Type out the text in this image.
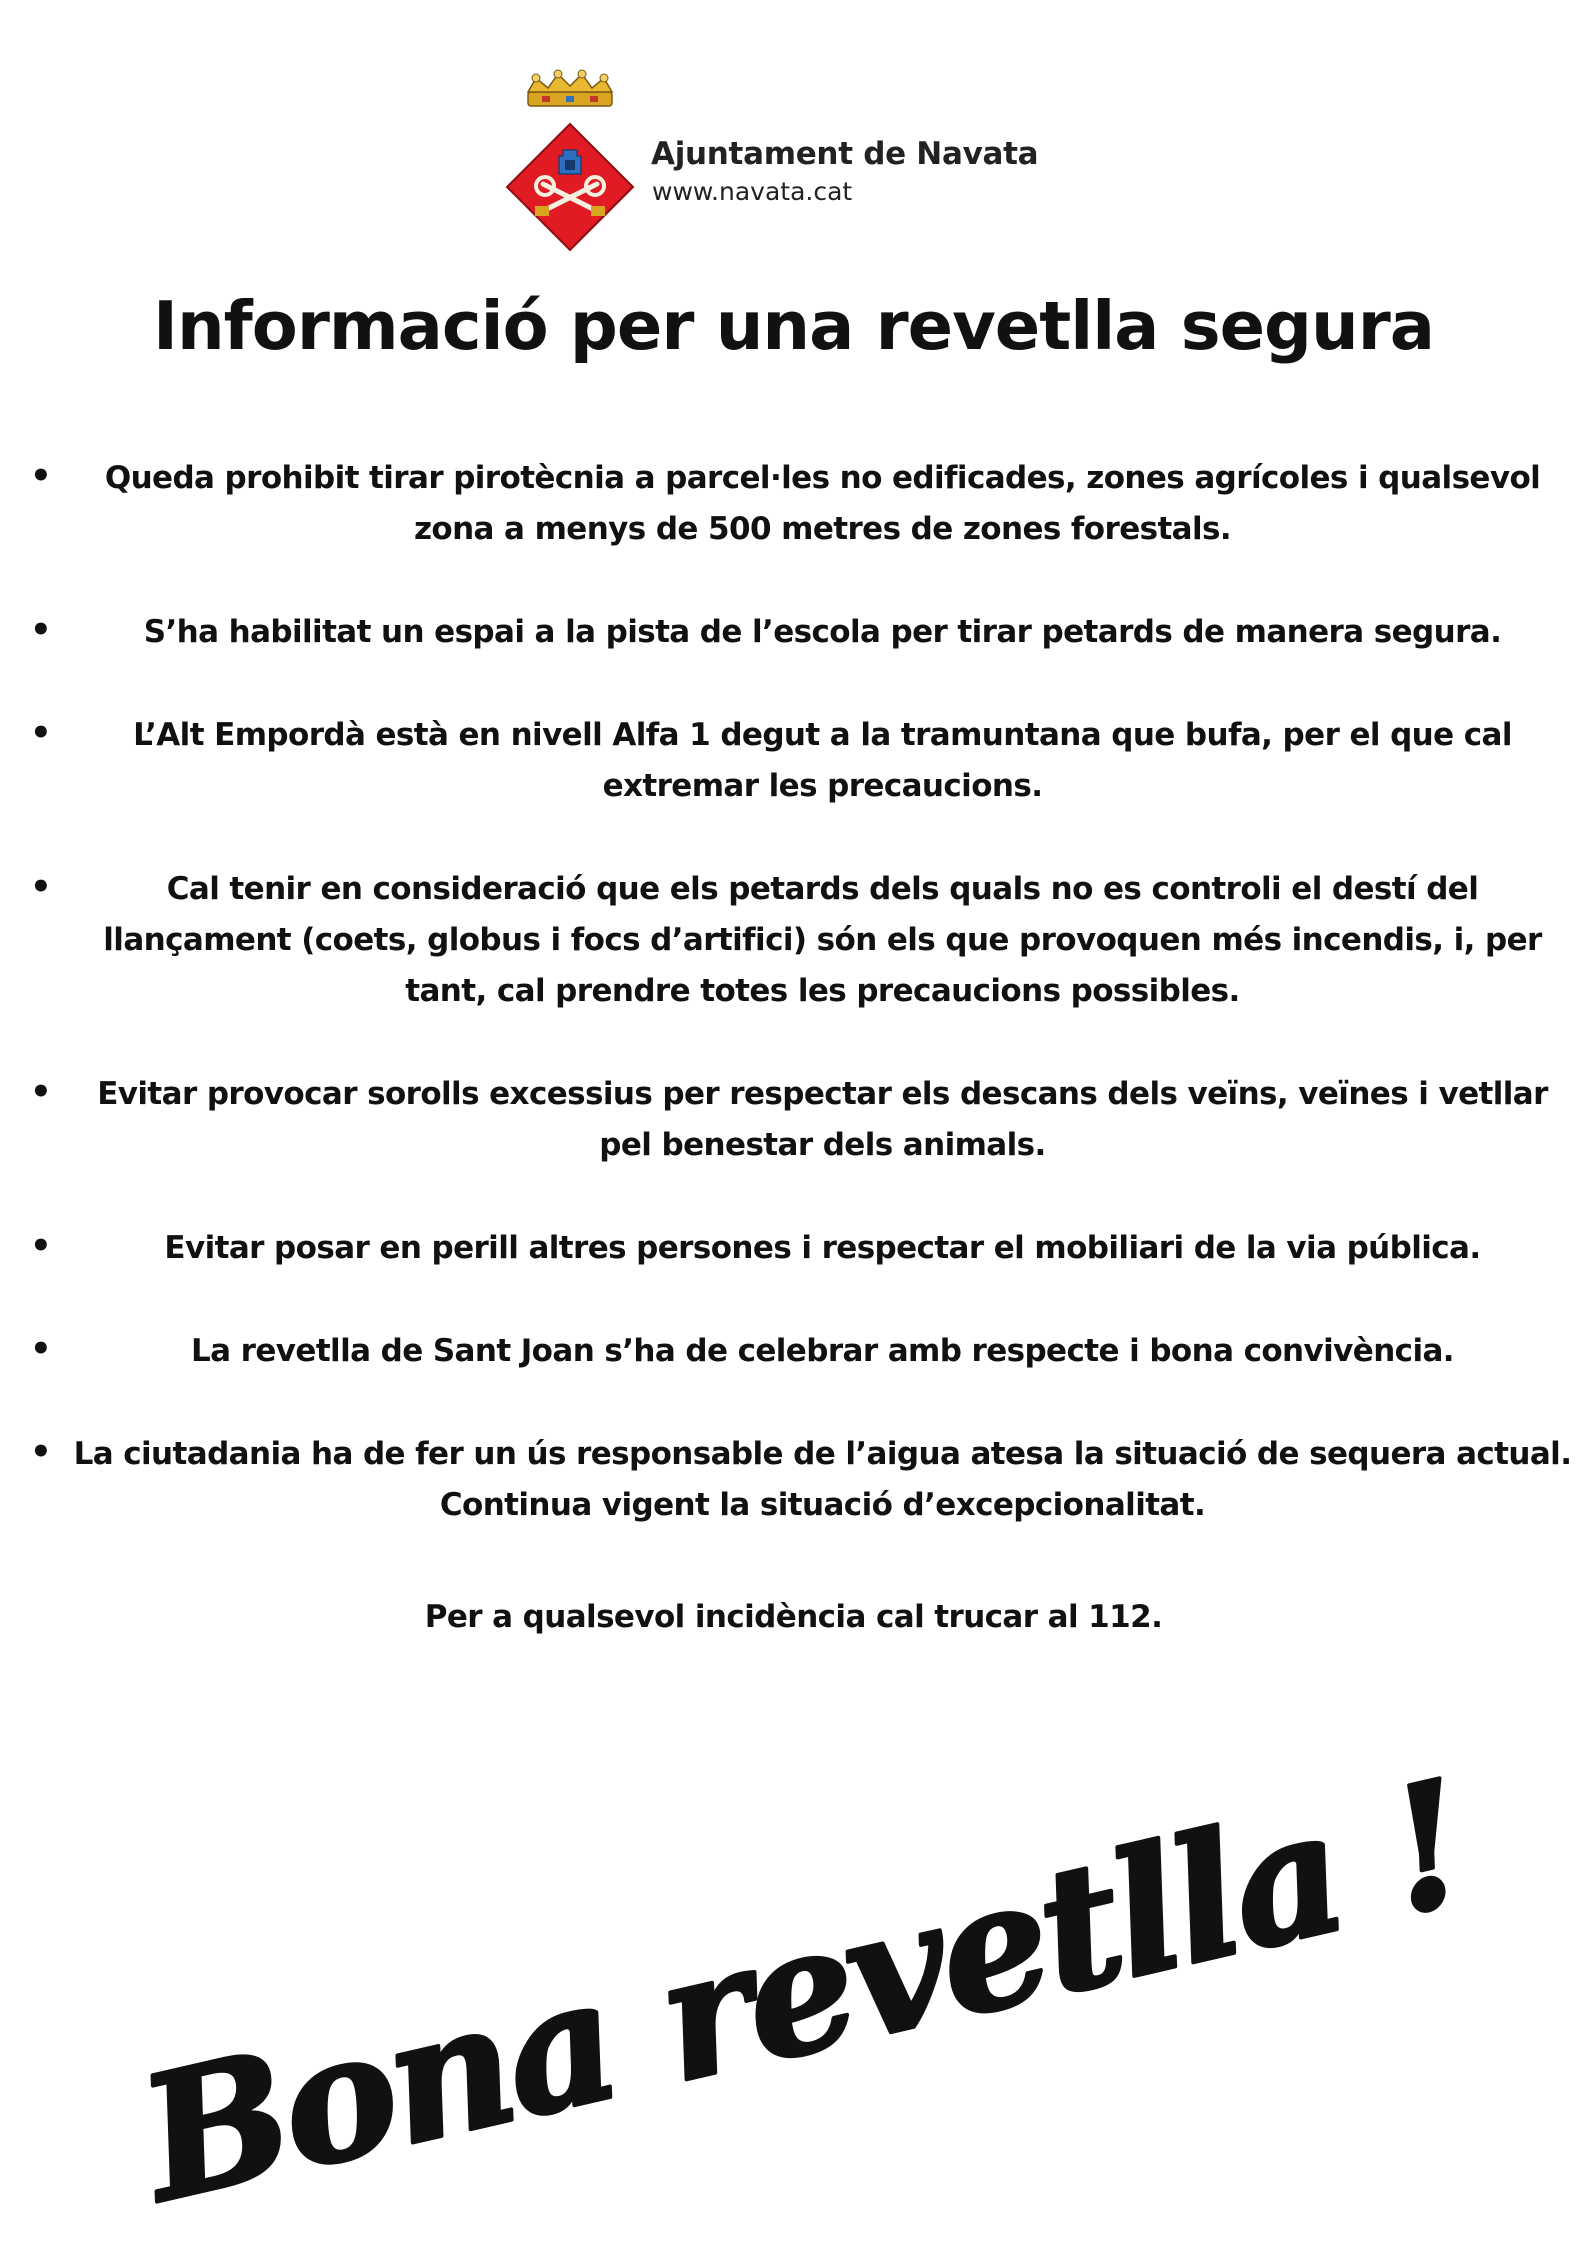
Ajuntament de Navata
www.navata.cat
Informació per una revetlla segura
•	Queda prohibit tirar pirotècnia a parcel·les no edificades, zones agrícoles i qualsevol zona a menys de 500 metres de zones forestals.
•	S’ha habilitat un espai a la pista de l’escola per tirar petards de manera segura.
•	L’Alt Empordà està en nivell Alfa 1 degut a la tramuntana que bufa, per el que cal extremar les precaucions.
•	Cal tenir en consideració que els petards dels quals no es controli el destí del llançament (coets, globus i focs d’artifici) són els que provoquen més incendis, i, per tant, cal prendre totes les precaucions possibles.
•	Evitar provocar sorolls excessius per respectar els descans dels veïns, veïnes i vetllar pel benestar dels animals.
•	Evitar posar en perill altres persones i respectar el mobiliari de la via pública.
•	La revetlla de Sant Joan s’ha de celebrar amb respecte i bona convivència.
• La ciutadania ha de fer un ús responsable de l’aigua atesa la situació de sequera actual. Continua vigent la situació d’excepcionalitat.
Per a qualsevol incidència cal trucar al 112.
Bona revetlla !
